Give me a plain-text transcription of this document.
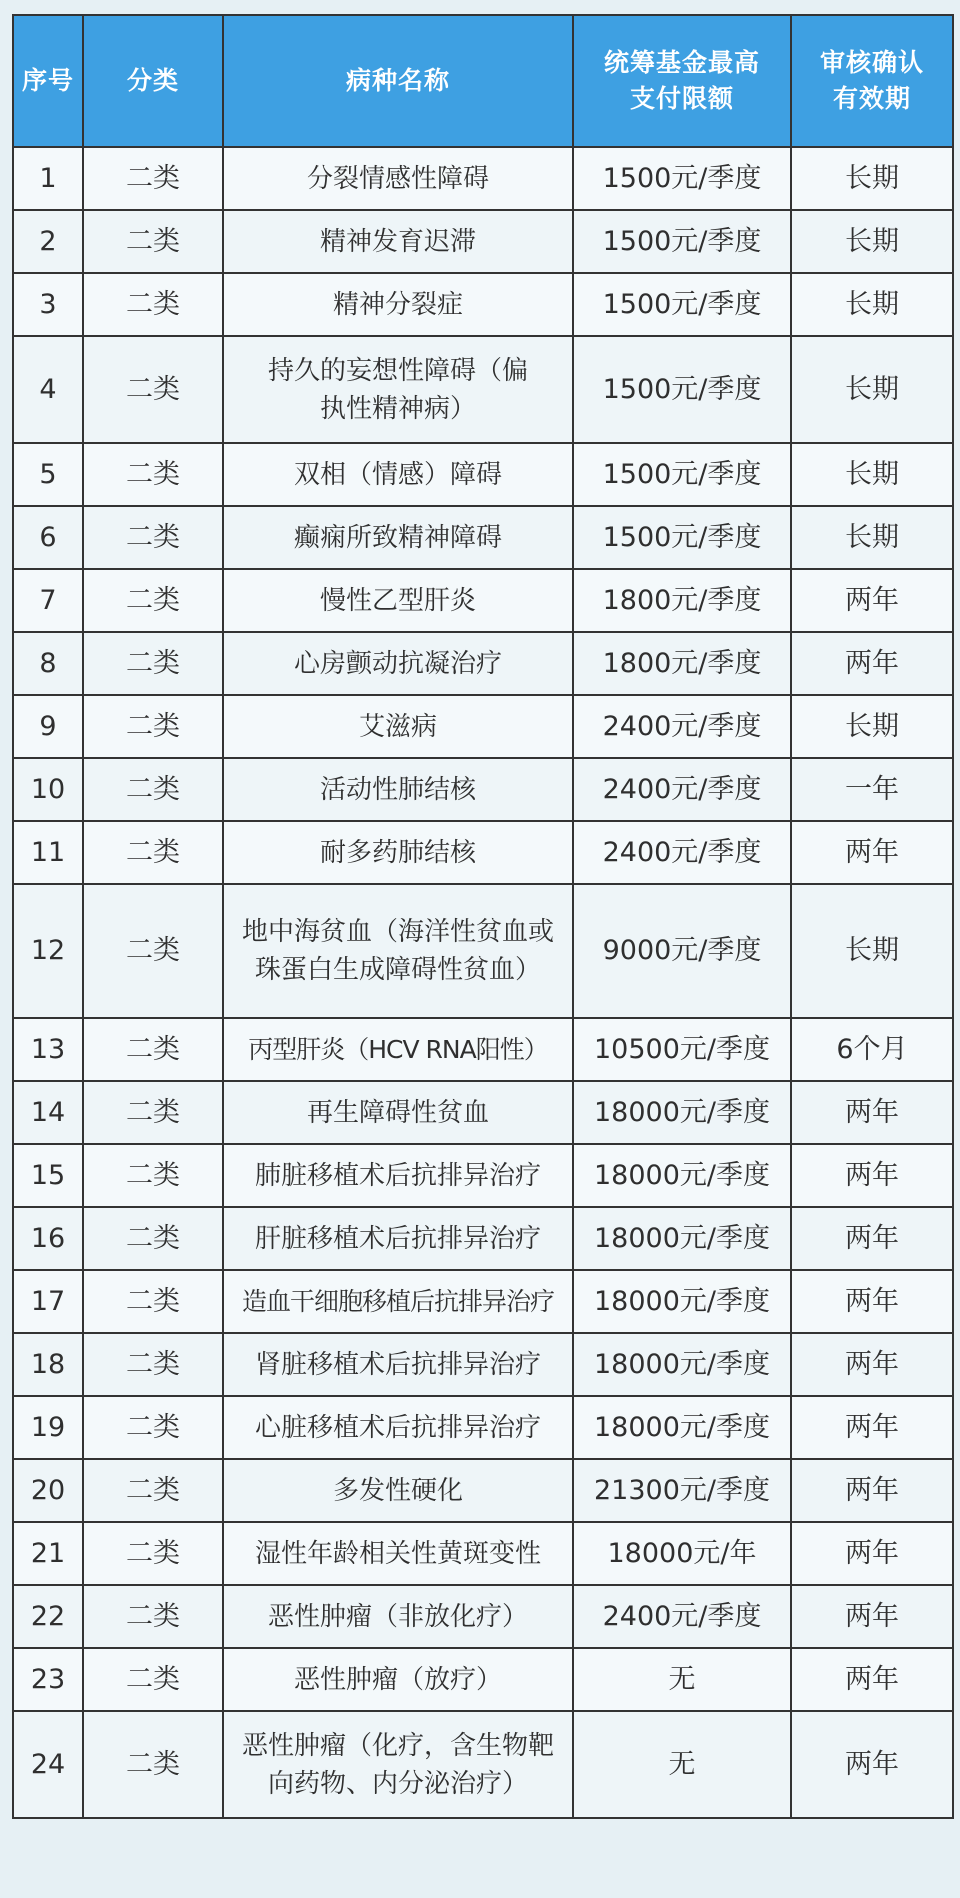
序号	分类	病种名称	统筹基金最高支付限额	审核确认有效期
1	二类	分裂情感性障碍	1500元/季度	长期
2	二类	精神发育迟滞	1500元/季度	长期
3	二类	精神分裂症	1500元/季度	长期
4	二类	持久的妄想性障碍（偏执性精神病）	1500元/季度	长期
5	二类	双相（情感）障碍	1500元/季度	长期
6	二类	癫痫所致精神障碍	1500元/季度	长期
7	二类	慢性乙型肝炎	1800元/季度	两年
8	二类	心房颤动抗凝治疗	1800元/季度	两年
9	二类	艾滋病	2400元/季度	长期
10	二类	活动性肺结核	2400元/季度	一年
11	二类	耐多药肺结核	2400元/季度	两年
12	二类	地中海贫血（海洋性贫血或珠蛋白生成障碍性贫血）	9000元/季度	长期
13	二类	丙型肝炎（HCV RNA阳性）	10500元/季度	6个月
14	二类	再生障碍性贫血	18000元/季度	两年
15	二类	肺脏移植术后抗排异治疗	18000元/季度	两年
16	二类	肝脏移植术后抗排异治疗	18000元/季度	两年
17	二类	造血干细胞移植后抗排异治疗	18000元/季度	两年
18	二类	肾脏移植术后抗排异治疗	18000元/季度	两年
19	二类	心脏移植术后抗排异治疗	18000元/季度	两年
20	二类	多发性硬化	21300元/季度	两年
21	二类	湿性年龄相关性黄斑变性	18000元/年	两年
22	二类	恶性肿瘤（非放化疗）	2400元/季度	两年
23	二类	恶性肿瘤（放疗）	无	两年
24	二类	恶性肿瘤（化疗，含生物靶向药物、内分泌治疗）	无	两年
